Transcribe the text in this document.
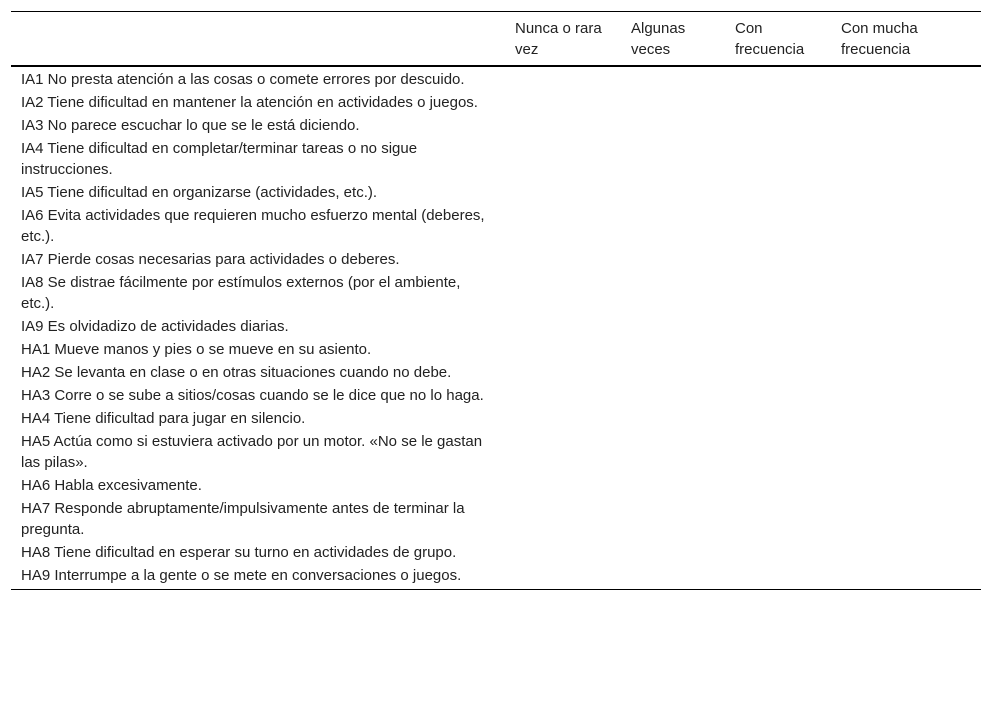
	Nunca o rara vez	Algunas veces	Con frecuencia	Con mucha frecuencia
IA1 No presta atención a las cosas o comete errores por descuido.				
IA2 Tiene dificultad en mantener la atención en actividades o juegos.				
IA3 No parece escuchar lo que se le está diciendo.				
IA4 Tiene dificultad en completar/terminar tareas o no sigue instrucciones.				
IA5 Tiene dificultad en organizarse (actividades, etc.).				
IA6 Evita actividades que requieren mucho esfuerzo mental (deberes, etc.).				
IA7 Pierde cosas necesarias para actividades o deberes.				
IA8 Se distrae fácilmente por estímulos externos (por el ambiente, etc.).				
IA9 Es olvidadizo de actividades diarias.				
HA1 Mueve manos y pies o se mueve en su asiento.				
HA2 Se levanta en clase o en otras situaciones cuando no debe.				
HA3 Corre o se sube a sitios/cosas cuando se le dice que no lo haga.				
HA4 Tiene dificultad para jugar en silencio.				
HA5 Actúa como si estuviera activado por un motor. «No se le gastan las pilas».				
HA6 Habla excesivamente.				
HA7 Responde abruptamente/impulsivamente antes de terminar la pregunta.				
HA8 Tiene dificultad en esperar su turno en actividades de grupo.				
HA9 Interrumpe a la gente o se mete en conversaciones o juegos.				
